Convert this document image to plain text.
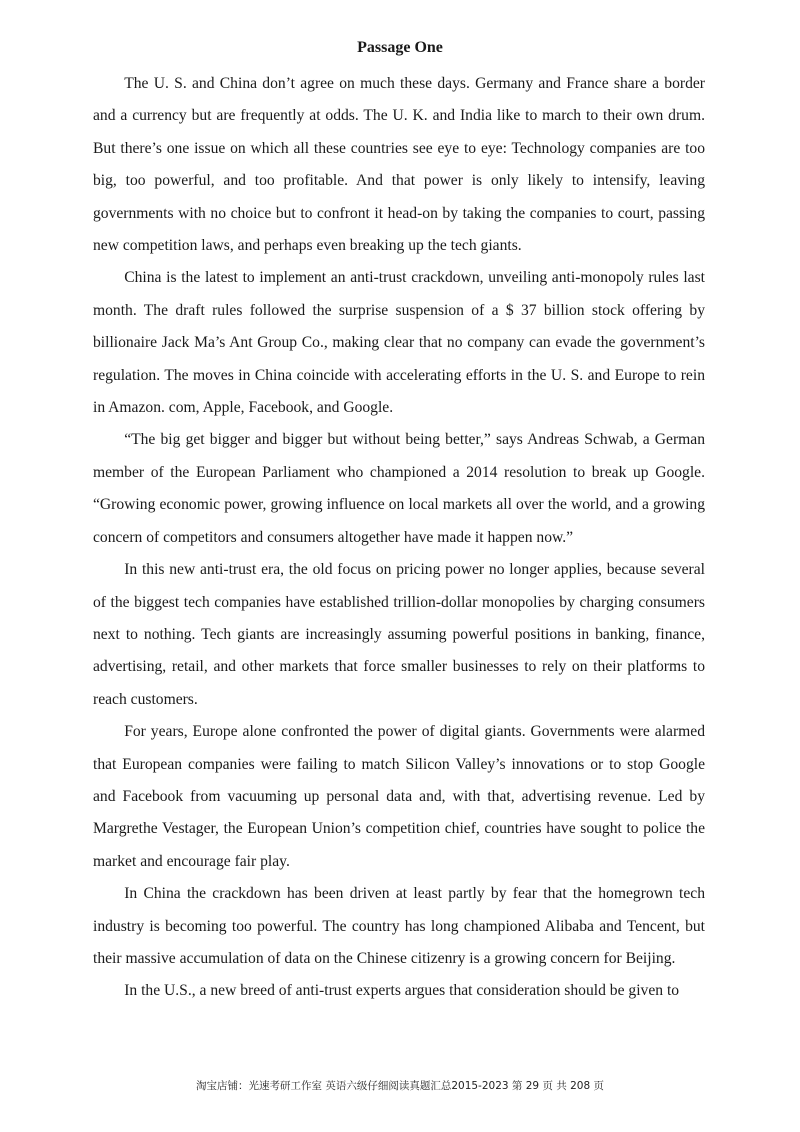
Passage One

The U. S. and China don’t agree on much these days. Germany and France share a border and a currency but are frequently at odds. The U. K. and India like to march to their own drum. But there’s one issue on which all these countries see eye to eye: Technology companies are too big, too powerful, and too profitable. And that power is only likely to intensify, leaving governments with no choice but to confront it head-on by taking the companies to court, passing new competition laws, and perhaps even breaking up the tech giants.

China is the latest to implement an anti-trust crackdown, unveiling anti-monopoly rules last month. The draft rules followed the surprise suspension of a $ 37 billion stock offering by billionaire Jack Ma’s Ant Group Co., making clear that no company can evade the government’s regulation. The moves in China coincide with accelerating efforts in the U. S. and Europe to rein in Amazon. com, Apple, Facebook, and Google.

“The big get bigger and bigger but without being better,” says Andreas Schwab, a German member of the European Parliament who championed a 2014 resolution to break up Google. “Growing economic power, growing influence on local markets all over the world, and a growing concern of competitors and consumers altogether have made it happen now.”

In this new anti-trust era, the old focus on pricing power no longer applies, because several of the biggest tech companies have established trillion-dollar monopolies by charging consumers next to nothing. Tech giants are increasingly assuming powerful positions in banking, finance, advertising, retail, and other markets that force smaller businesses to rely on their platforms to reach customers.

For years, Europe alone confronted the power of digital giants. Governments were alarmed that European companies were failing to match Silicon Valley’s innovations or to stop Google and Facebook from vacuuming up personal data and, with that, advertising revenue. Led by Margrethe Vestager, the European Union’s competition chief, countries have sought to police the market and encourage fair play.

In China the crackdown has been driven at least partly by fear that the homegrown tech industry is becoming too powerful. The country has long championed Alibaba and Tencent, but their massive accumulation of data on the Chinese citizenry is a growing concern for Beijing.

In the U.S., a new breed of anti-trust experts argues that consideration should be given to

淘宝店铺：光速考研工作室 英语六级仔细阅读真题汇总2015-2023 第 29 页 共 208 页
